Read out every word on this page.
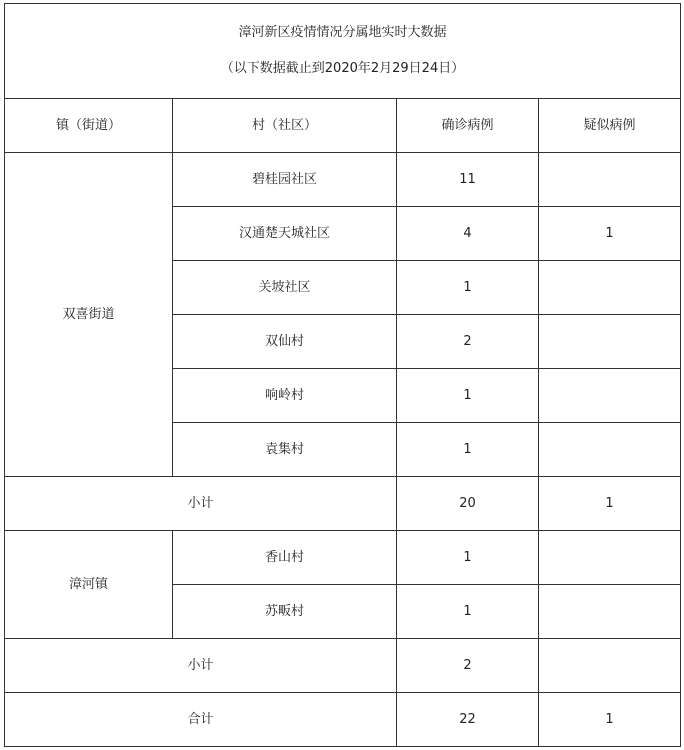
漳河新区疫情情况分属地实时大数据
（以下数据截止到2020年2月29日24日）			

镇（街道）	村（社区）	确诊病例	疑似病例
双喜街道	碧桂园社区	11	
	汉通楚天城社区	4	1
	关坡社区	1	
	双仙村	2	
	响岭村	1	
	袁集村	1	
小计		20	1
漳河镇	香山村	1	
	苏畈村	1	
小计		2	
合计		22	1
